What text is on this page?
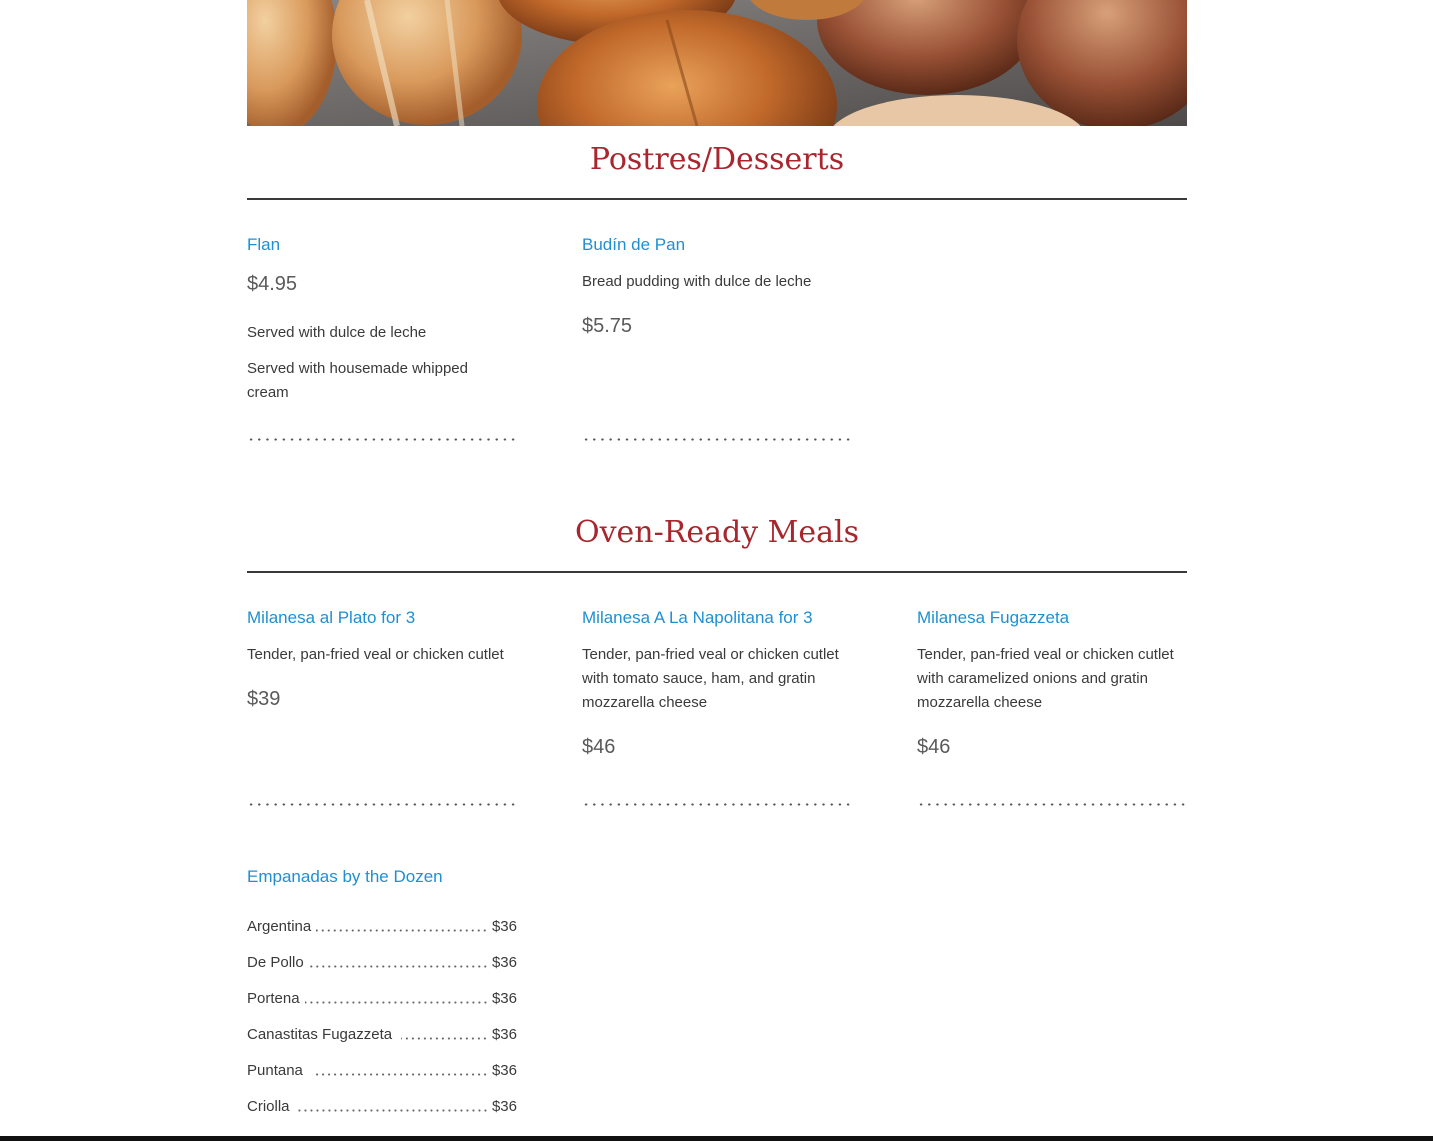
Postres/Desserts
Flan
$4.95
Served with dulce de leche
Served with housemade whipped cream
Budín de Pan
Bread pudding with dulce de leche
$5.75
Oven-Ready Meals
Milanesa al Plato for 3
Tender, pan-fried veal or chicken cutlet
$39
Milanesa A La Napolitana for 3
Tender, pan-fried veal or chicken cutlet with tomato sauce, ham, and gratin mozzarella cheese
$46
Milanesa Fugazzeta
Tender, pan-fried veal or chicken cutlet with caramelized onions and gratin mozzarella cheese
$46
Empanadas by the Dozen
Argentina	$36
De Pollo	$36
Portena	$36
Canastitas Fugazzeta	$36
Puntana	$36
Criolla	$36
